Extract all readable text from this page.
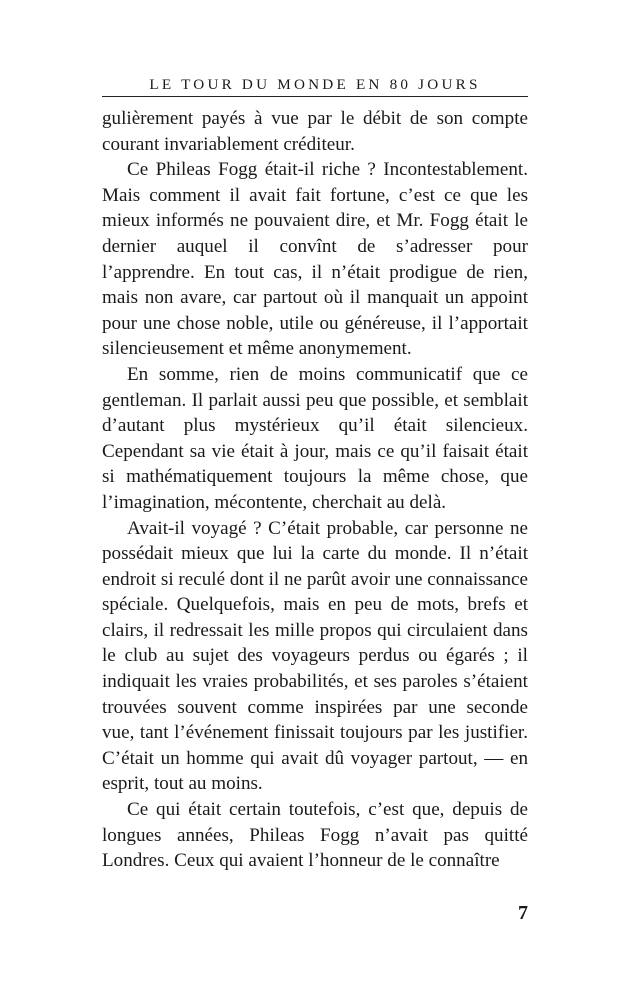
LE TOUR DU MONDE EN 80 JOURS

gulièrement payés à vue par le débit de son compte courant invariablement créditeur.

Ce Phileas Fogg était-il riche ? Incontestablement. Mais comment il avait fait fortune, c’est ce que les mieux informés ne pouvaient dire, et Mr. Fogg était le dernier auquel il convînt de s’adresser pour l’apprendre. En tout cas, il n’était prodigue de rien, mais non avare, car partout où il manquait un appoint pour une chose noble, utile ou généreuse, il l’apportait silencieusement et même anonymement.

En somme, rien de moins communicatif que ce gentleman. Il parlait aussi peu que possible, et semblait d’autant plus mystérieux qu’il était silencieux. Cependant sa vie était à jour, mais ce qu’il faisait était si mathématiquement toujours la même chose, que l’imagination, mécontente, cherchait au delà.

Avait-il voyagé ? C’était probable, car personne ne possédait mieux que lui la carte du monde. Il n’était endroit si reculé dont il ne parût avoir une connaissance spéciale. Quelquefois, mais en peu de mots, brefs et clairs, il redressait les mille propos qui circulaient dans le club au sujet des voyageurs perdus ou égarés ; il indiquait les vraies probabilités, et ses paroles s’étaient trouvées souvent comme inspirées par une seconde vue, tant l’événement finissait toujours par les justifier. C’était un homme qui avait dû voyager partout, — en esprit, tout au moins.

Ce qui était certain toutefois, c’est que, depuis de longues années, Phileas Fogg n’avait pas quitté Londres. Ceux qui avaient l’honneur de le connaître

7
